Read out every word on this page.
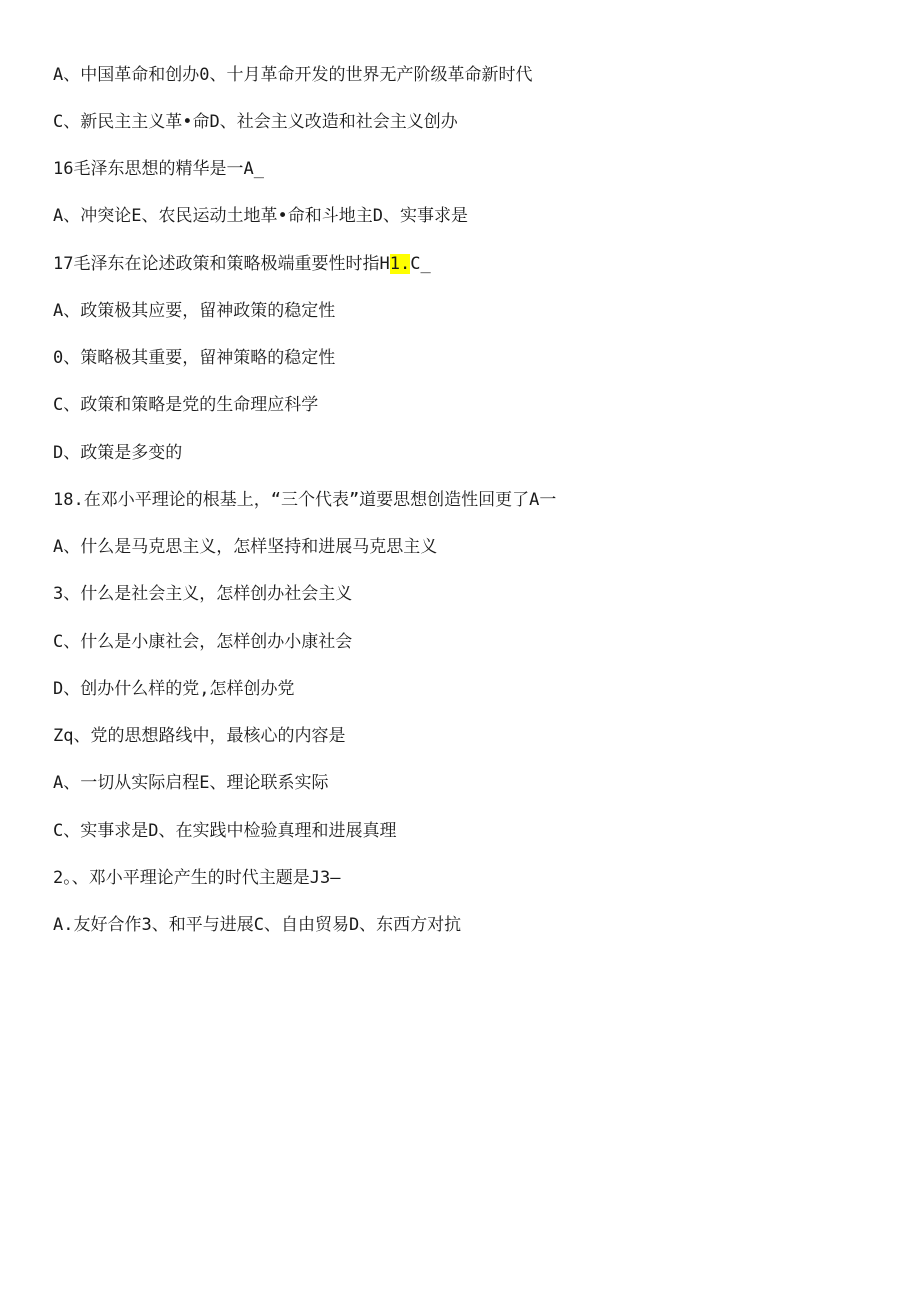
A、中国革命和创办0、十月革命开发的世界无产阶级革命新时代
C、新民主主义革•命D、社会主义改造和社会主义创办
16毛泽东思想的精华是一A_
A、冲突论E、农民运动土地革•命和斗地主D、实事求是
17毛泽东在论述政策和策略极端重要性时指H1.C_
A、政策极其应要，留神政策的稳定性
0、策略极其重要，留神策略的稳定性
C、政策和策略是党的生命理应科学
D、政策是多变的
18.在邓小平理论的根基上，“三个代表”道要思想创造性回更了A一
A、什么是马克思主义，怎样坚持和进展马克思主义
3、什么是社会主义，怎样创办社会主义
C、什么是小康社会，怎样创办小康社会
D、创办什么样的党,怎样创办党
Zq、党的思想路线中，最核心的内容是
A、一切从实际启程E、理论联系实际
C、实事求是D、在实践中检验真理和进展真理
2。、邓小平理论产生的时代主题是J3—
A.友好合作3、和平与进展C、自由贸易D、东西方对抗
